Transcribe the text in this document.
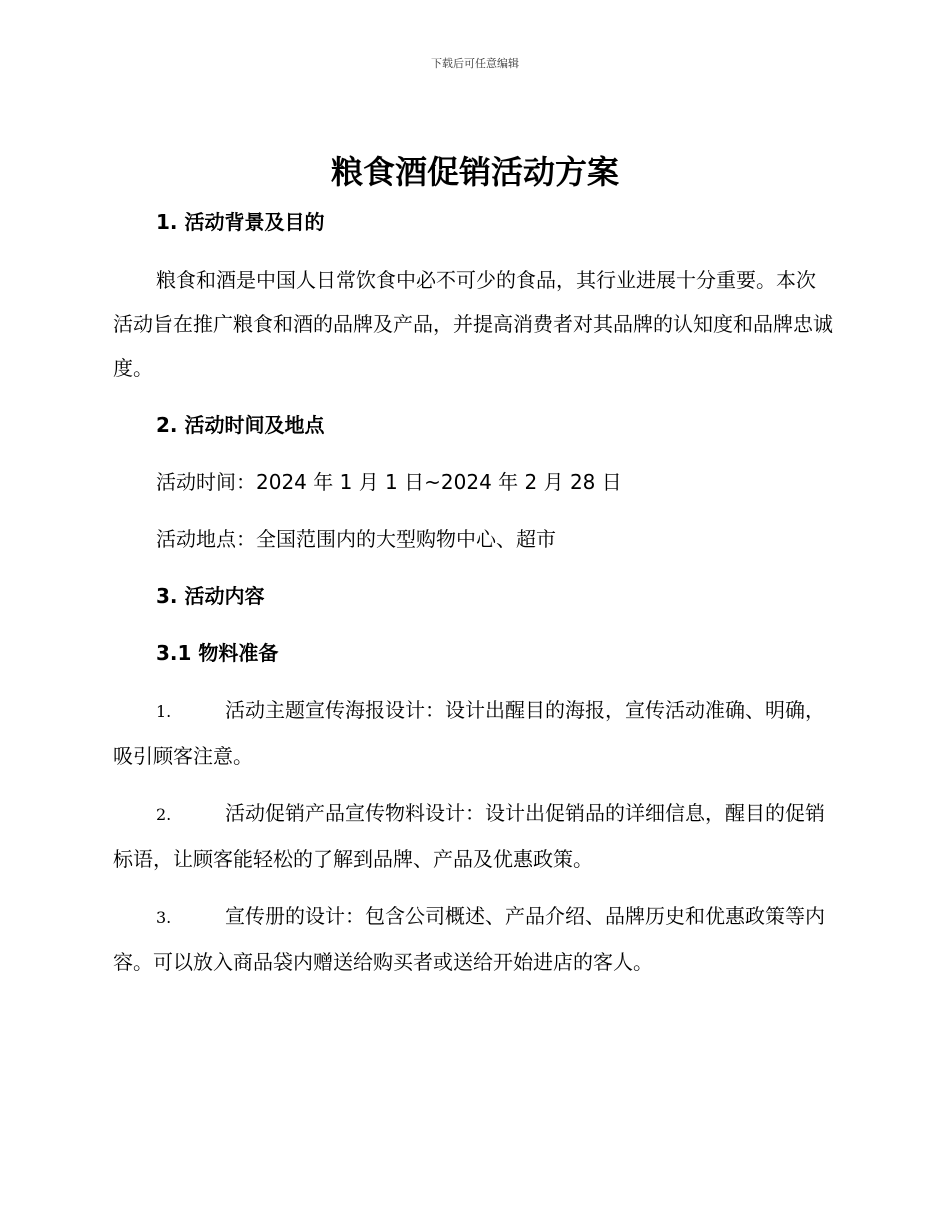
下载后可任意编辑
粮食酒促销活动方案
1. 活动背景及目的

粮食和酒是中国人日常饮食中必不可少的食品，其行业进展十分重要。本次活动旨在推广粮食和酒的品牌及产品，并提高消费者对其品牌的认知度和品牌忠诚度。

2. 活动时间及地点

活动时间：2024 年 1 月 1 日~2024 年 2 月 28 日

活动地点：全国范围内的大型购物中心、超市

3. 活动内容
3.1 物料准备

1.	活动主题宣传海报设计：设计出醒目的海报，宣传活动准确、明确，吸引顾客注意。

2.	活动促销产品宣传物料设计：设计出促销品的详细信息，醒目的促销标语，让顾客能轻松的了解到品牌、产品及优惠政策。

3.	宣传册的设计：包含公司概述、产品介绍、品牌历史和优惠政策等内容。可以放入商品袋内赠送给购买者或送给开始进店的客人。
